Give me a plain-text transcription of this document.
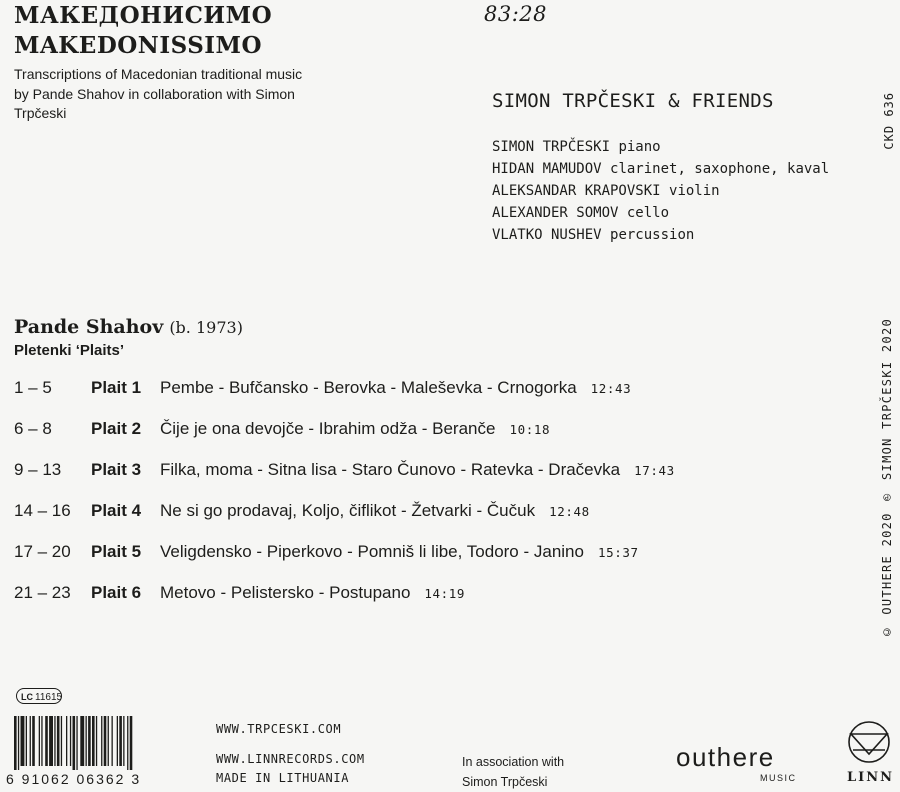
МАКЕДОНИСИМО
MAKEDONISSIMO
Transcriptions of Macedonian traditional music by Pande Shahov in collaboration with Simon Trpčeski
83:28
SIMON TRPČESKI & FRIENDS
SIMON TRPČESKI piano
HIDAN MAMUDOV clarinet, saxophone, kaval
ALEKSANDAR KRAPOVSKI violin
ALEXANDER SOMOV cello
VLATKO NUSHEV percussion
CKD 636
© OUTHERE 2020 ℗ SIMON TRPČESKI 2020
Pande Shahov (b. 1973)
Pletenki ‘Plaits’
1 – 5	Plait 1 Pembe - Bufčansko - Berovka - Maleševka - Crnogorka 12:43
6 – 8	Plait 2 Čije je ona devojče - Ibrahim odža - Berančе 10:18
9 – 13	Plait 3 Filka, moma - Sitna lisa - Staro Čunovo - Ratevka - Dračevka 17:43
14 – 16	Plait 4 Ne si go prodavaj, Koljo, čiflikot - Žetvarki - Čučuk 12:48
17 – 20	Plait 5 Veligdensko - Piperkovo - Pomniš li libe, Todoro - Janino 15:37
21 – 23	Plait 6 Metovo - Pelistersko - Postupano 14:19
LC 11615
6 91062 06362 3
WWW.TRPCESKI.COM
WWW.LINNRECORDS.COM
MADE IN LITHUANIA
In association with
Simon Trpčeski
outhere
MUSIC	LINN
